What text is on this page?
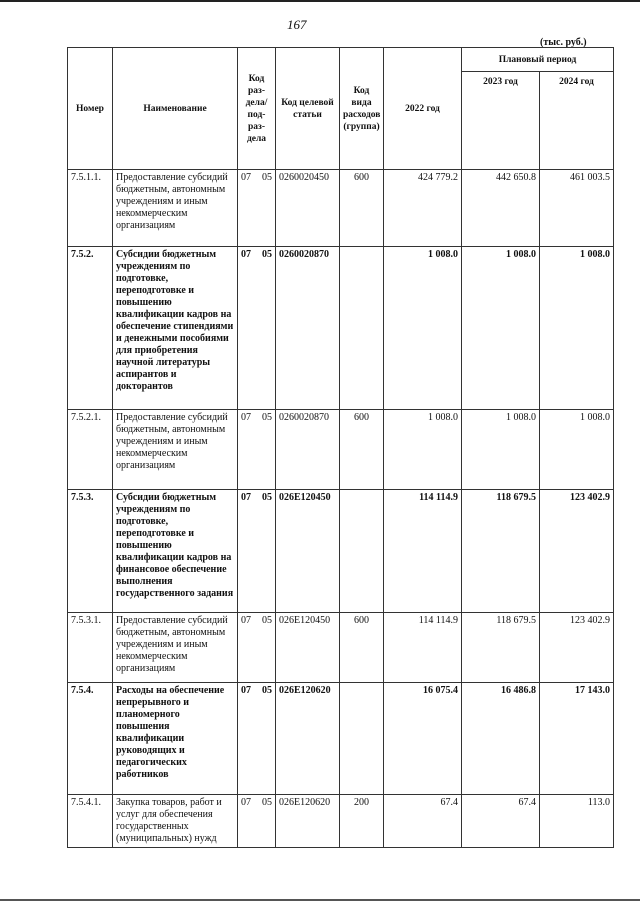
167
(тыс. руб.)
Номер	Наименование	Код раз-дела/ под-раз-дела	Код целевой статьи	Код вида расходов (группа)	2022 год	Плановый период	
						2023 год	2024 год
7.5.1.1.	Предоставление субсидий бюджетным, автономным учреждениям и иным некоммерческим организациям	07 05	0260020450	600	424 779.2	442 650.8	461 003.5
7.5.2.	Субсидии бюджетным учреждениям по подготовке, переподготовке и повышению квалификации кадров на обеспечение стипендиями и денежными пособиями для приобретения научной литературы аспирантов и докторантов	07 05	0260020870		1 008.0	1 008.0	1 008.0
7.5.2.1.	Предоставление субсидий бюджетным, автономным учреждениям и иным некоммерческим организациям	07 05	0260020870	600	1 008.0	1 008.0	1 008.0
7.5.3.	Субсидии бюджетным учреждениям по подготовке, переподготовке и повышению квалификации кадров на финансовое обеспечение выполнения государственного задания	07 05	026Е120450		114 114.9	118 679.5	123 402.9
7.5.3.1.	Предоставление субсидий бюджетным, автономным учреждениям и иным некоммерческим организациям	07 05	026Е120450	600	114 114.9	118 679.5	123 402.9
7.5.4.	Расходы на обеспечение непрерывного и планомерного повышения квалификации руководящих и педагогических работников	07 05	026Е120620		16 075.4	16 486.8	17 143.0
7.5.4.1.	Закупка товаров, работ и услуг для обеспечения государственных (муниципальных) нужд	07 05	026Е120620	200	67.4	67.4	113.0
